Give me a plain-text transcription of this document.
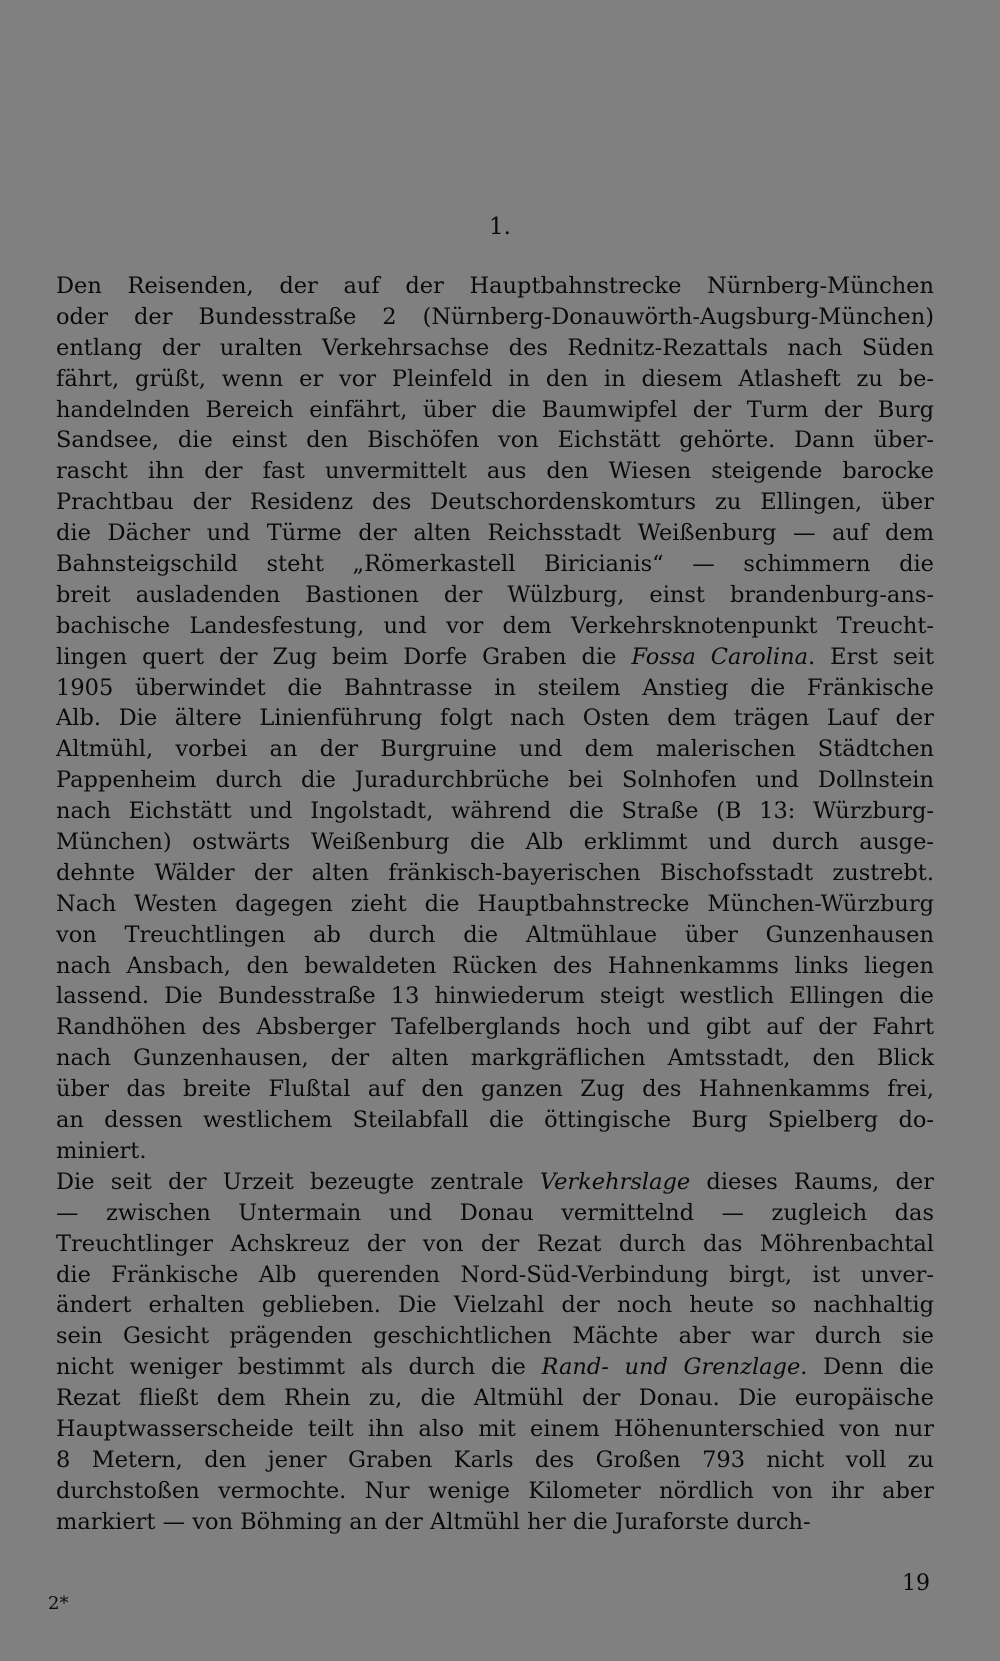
1.
Den Reisenden, der auf der Hauptbahnstrecke Nürnberg-München
oder der Bundesstraße 2 (Nürnberg-Donauwörth-Augsburg-München)
entlang der uralten Verkehrsachse des Rednitz-Rezattals nach Süden
fährt, grüßt, wenn er vor Pleinfeld in den in diesem Atlasheft zu be-
handelnden Bereich einfährt, über die Baumwipfel der Turm der Burg
Sandsee, die einst den Bischöfen von Eichstätt gehörte. Dann über-
rascht ihn der fast unvermittelt aus den Wiesen steigende barocke
Prachtbau der Residenz des Deutschordenskomturs zu Ellingen, über
die Dächer und Türme der alten Reichsstadt Weißenburg — auf dem
Bahnsteigschild steht „Römerkastell Biricianis“ — schimmern die
breit ausladenden Bastionen der Wülzburg, einst brandenburg-ans-
bachische Landesfestung, und vor dem Verkehrsknotenpunkt Treucht-
lingen quert der Zug beim Dorfe Graben die Fossa Carolina. Erst seit
1905 überwindet die Bahntrasse in steilem Anstieg die Fränkische
Alb. Die ältere Linienführung folgt nach Osten dem trägen Lauf der
Altmühl, vorbei an der Burgruine und dem malerischen Städtchen
Pappenheim durch die Juradurchbrüche bei Solnhofen und Dollnstein
nach Eichstätt und Ingolstadt, während die Straße (B 13: Würzburg-
München) ostwärts Weißenburg die Alb erklimmt und durch ausge-
dehnte Wälder der alten fränkisch-bayerischen Bischofsstadt zustrebt.
Nach Westen dagegen zieht die Hauptbahnstrecke München-Würzburg
von Treuchtlingen ab durch die Altmühlaue über Gunzenhausen
nach Ansbach, den bewaldeten Rücken des Hahnenkamms links liegen
lassend. Die Bundesstraße 13 hinwiederum steigt westlich Ellingen die
Randhöhen des Absberger Tafelberglands hoch und gibt auf der Fahrt
nach Gunzenhausen, der alten markgräflichen Amtsstadt, den Blick
über das breite Flußtal auf den ganzen Zug des Hahnenkamms frei,
an dessen westlichem Steilabfall die öttingische Burg Spielberg do-
miniert.
Die seit der Urzeit bezeugte zentrale Verkehrslage dieses Raums, der
— zwischen Untermain und Donau vermittelnd — zugleich das
Treuchtlinger Achskreuz der von der Rezat durch das Möhrenbachtal
die Fränkische Alb querenden Nord-Süd-Verbindung birgt, ist unver-
ändert erhalten geblieben. Die Vielzahl der noch heute so nachhaltig
sein Gesicht prägenden geschichtlichen Mächte aber war durch sie
nicht weniger bestimmt als durch die Rand- und Grenzlage. Denn die
Rezat fließt dem Rhein zu, die Altmühl der Donau. Die europäische
Hauptwasserscheide teilt ihn also mit einem Höhenunterschied von nur
8 Metern, den jener Graben Karls des Großen 793 nicht voll zu
durchstoßen vermochte. Nur wenige Kilometer nördlich von ihr aber
markiert — von Böhming an der Altmühl her die Juraforste durch-
19
2*
